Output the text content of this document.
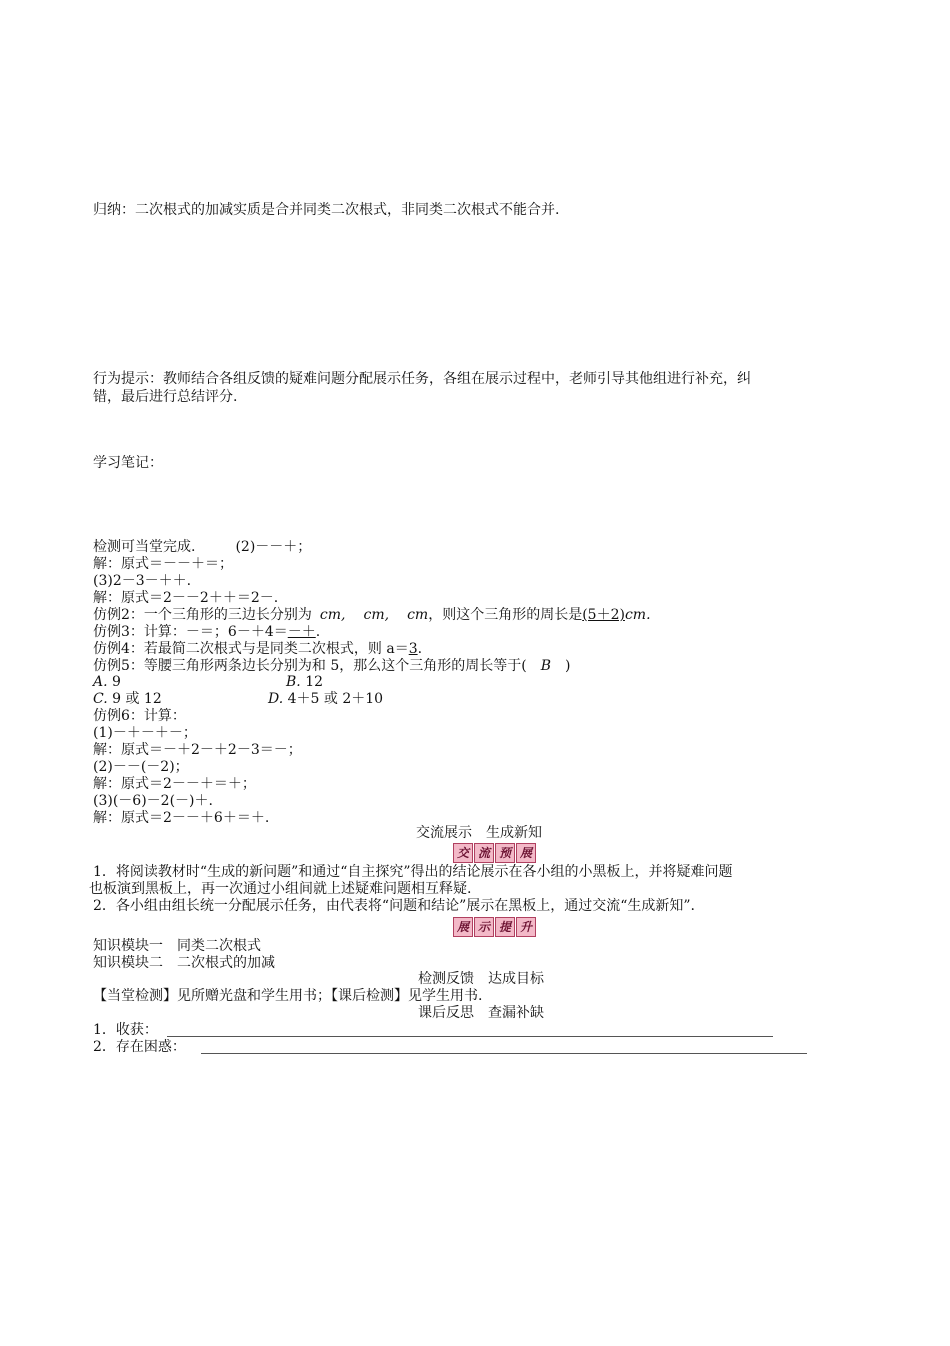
归纳：二次根式的加减实质是合并同类二次根式，非同类二次根式不能合并.
行为提示：教师结合各组反馈的疑难问题分配展示任务，各组在展示过程中，老师引导其他组进行补充，纠
错，最后进行总结评分.
学习笔记：
检测可当堂完成.	(2)－－＋；
解：原式＝－－＋＝；
(3)2－3－＋＋.
解：原式＝2－－2＋＋＝2－.
仿例2：一个三角形的三边长分别为 cm, cm, cm，则这个三角形的周长是(5＋2)cm.
仿例3：计算：－＝；6－＋4＝－＋.
仿例4：若最简二次根式与是同类二次根式，则 a＝3.
仿例5：等腰三角形两条边长分别为和 5，那么这个三角形的周长等于( B )
A. 9	B. 12
C. 9 或 12	D. 4＋5 或 2＋10
仿例6：计算：
(1)－＋－＋－；
解：原式＝－＋2－＋2－3＝－；
(2)－－(－2)；
解：原式＝2－－＋＝＋；
(3)(－6)－2(－)＋.
解：原式＝2－－＋6＋＝＋.
交流展示　生成新知
交 流 预 展
1．将阅读教材时“生成的新问题”和通过“自主探究”得出的结论展示在各小组的小黑板上，并将疑难问题
也板演到黑板上，再一次通过小组间就上述疑难问题相互释疑.
2．各小组由组长统一分配展示任务，由代表将“问题和结论”展示在黑板上，通过交流“生成新知”.
展 示 提 升
知识模块一　同类二次根式
知识模块二　二次根式的加减
检测反馈　达成目标
【当堂检测】见所赠光盘和学生用书；【课后检测】见学生用书.
课后反思　查漏补缺
1．收获：
2．存在困惑：
